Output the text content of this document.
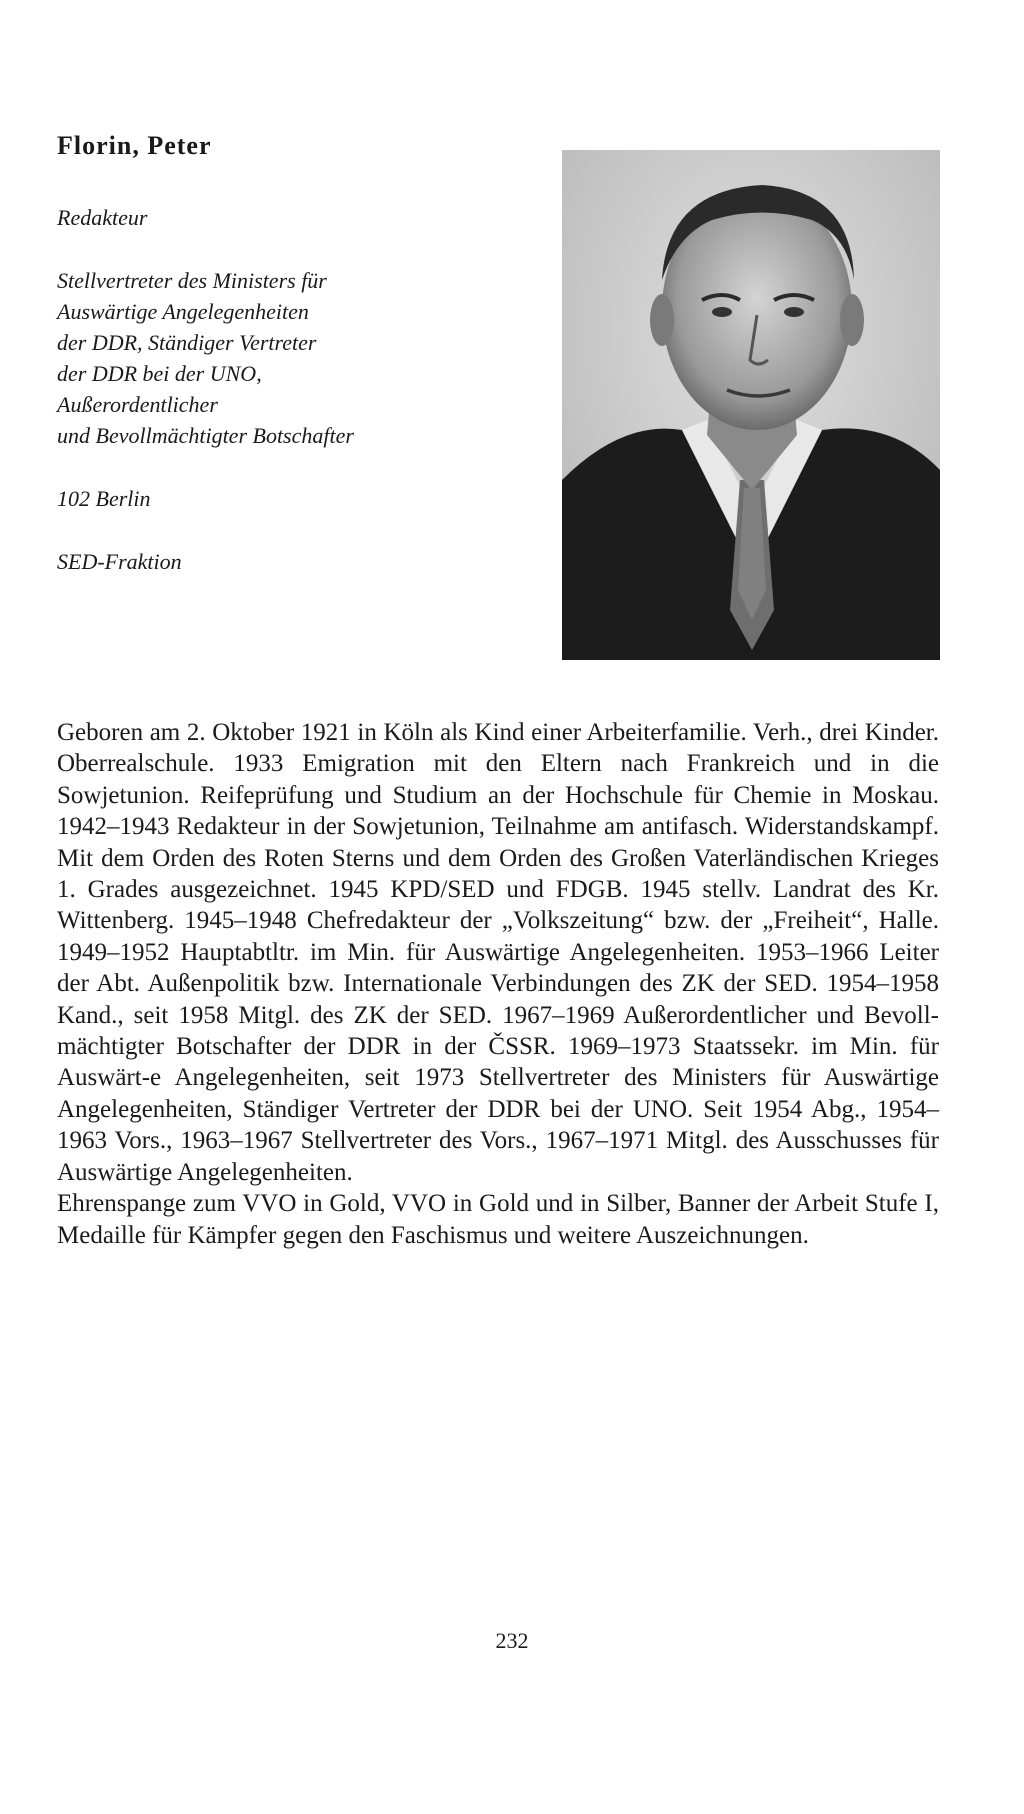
Florin, Peter
Redakteur
Stellvertreter des Ministers für
Auswärtige Angelegenheiten
der DDR, Ständiger Vertreter
der DDR bei der UNO,
Außerordentlicher
und Bevollmächtigter Botschafter
102 Berlin
SED-Fraktion

Geboren am 2. Oktober 1921 in Köln als Kind einer Arbeiterfamilie. Verh., drei Kinder. Oberrealschule. 1933 Emigration mit den Eltern nach Frankreich und in die Sowjetunion. Reifeprüfung und Studium an der Hochschule für Chemie in Moskau. 1942–1943 Redakteur in der Sowjetunion, Teilnahme am antifasch. Widerstandskampf. Mit dem Orden des Roten Sterns und dem Orden des Großen Vaterländischen Krieges 1. Grades ausgezeichnet. 1945 KPD/SED und FDGB. 1945 stellv. Landrat des Kr. Wittenberg. 1945–1948 Chefredakteur der „Volkszeitung“ bzw. der „Freiheit“, Halle. 1949–1952 Hauptabtltr. im Min. für Auswärtige Angelegenheiten. 1953–1966 Leiter der Abt. Außenpolitik bzw. Internationale Verbindungen des ZK der SED. 1954–1958 Kand., seit 1958 Mitgl. des ZK der SED. 1967–1969 Außerordentlicher und Bevollmächtigter Botschafter der DDR in der ČSSR. 1969–1973 Staatssekr. im Min. für Auswärt‑e Angelegenheiten, seit 1973 Stellvertreter des Ministers für Auswärtige Angelegenheiten, Ständiger Vertreter der DDR bei der UNO. Seit 1954 Abg., 1954–1963 Vors., 1963–1967 Stellvertreter des Vors., 1967–1971 Mitgl. des Ausschusses für Auswärtige Angelegenheiten.

Ehrenspange zum VVO in Gold, VVO in Gold und in Silber, Banner der Arbeit Stufe I, Medaille für Kämpfer gegen den Faschismus und weitere Auszeichnungen.

232
